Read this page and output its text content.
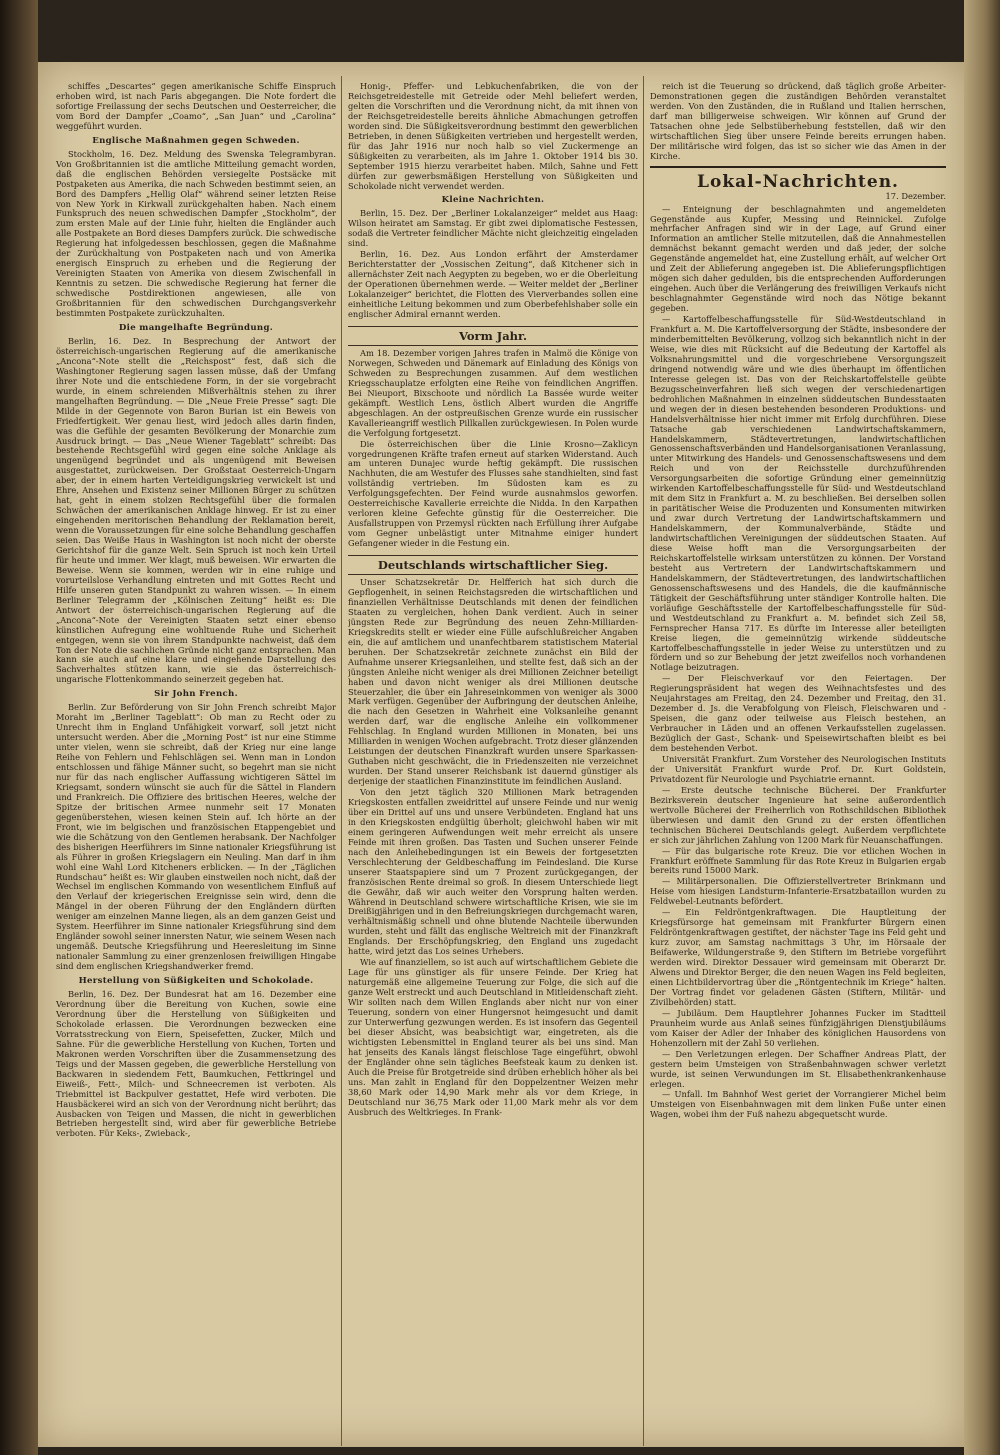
schiffes „Descartes“ gegen amerikanische Schiffe Einspruch erhoben wird, ist nach Paris abgegangen. Die Note fordert die sofortige Freilassung der sechs Deutschen und Oesterreicher, die vom Bord der Dampfer „Coamo“, „San Juan“ und „Carolina“ weggeführt wurden.

Englische Maßnahmen gegen Schweden.

Stockholm, 16. Dez. Meldung des Swenska Telegrambyran. Von Großbritannien ist die amtliche Mitteilung gemacht worden, daß die englischen Behörden versiegelte Postsäcke mit Postpaketen aus Amerika, die nach Schweden bestimmt seien, an Bord des Dampfers „Hellig Olaf“ während seiner letzten Reise von New York in Kirkwall zurückgehalten haben. Nach einem Funkspruch des neuen schwedischen Dampfer „Stockholm“, der zum ersten Male auf der Linie fuhr, hielten die Engländer auch alle Postpakete an Bord dieses Dampfers zurück. Die schwedische Regierung hat infolgedessen beschlossen, gegen die Maßnahme der Zurückhaltung von Postpaketen nach und von Amerika energisch Einspruch zu erheben und die Regierung der Vereinigten Staaten von Amerika von diesem Zwischenfall in Kenntnis zu setzen. Die schwedische Regierung hat ferner die schwedische Postdirektionen angewiesen, alle von Großbritannien für den schwedischen Durchgangsverkehr bestimmten Postpakete zurückzuhalten.

Die mangelhafte Begründung.

Berlin, 16. Dez. In Besprechung der Antwort der österreichisch-ungarischen Regierung auf die amerikanische „Ancona“-Note stellt die „Reichspost“ fest, daß sich die Washingtoner Regierung sagen lassen müsse, daß der Umfang ihrer Note und die entschiedene Form, in der sie vorgebracht wurde, in einem schreienden Mißverhältnis stehen zu ihrer mangelhaften Begründung. — Die „Neue Freie Presse“ sagt: Die Milde in der Gegennote von Baron Burian ist ein Beweis von Friedfertigkeit. Wer genau liest, wird jedoch alles darin finden, was die Gefühle der gesamten Bevölkerung der Monarchie zum Ausdruck bringt. — Das „Neue Wiener Tageblatt“ schreibt: Das bestehende Rechtsgefühl wird gegen eine solche Anklage als ungenügend begründet und als ungenügend mit Beweisen ausgestattet, zurückweisen. Der Großstaat Oesterreich-Ungarn aber, der in einem harten Verteidigungskrieg verwickelt ist und Ehre, Ansehen und Existenz seiner Millionen Bürger zu schützen hat, geht in einem stolzen Rechtsgefühl über die formalen Schwächen der amerikanischen Anklage hinweg. Er ist zu einer eingehenden meritorischen Behandlung der Reklamation bereit, wenn die Voraussetzungen für eine solche Behandlung geschaffen seien. Das Weiße Haus in Washington ist noch nicht der oberste Gerichtshof für die ganze Welt. Sein Spruch ist noch kein Urteil für heute und immer. Wer klagt, muß beweisen. Wir erwarten die Beweise. Wenn sie kommen, werden wir in eine ruhige und vorurteilslose Verhandlung eintreten und mit Gottes Recht und Hilfe unseren guten Standpunkt zu wahren wissen. — In einem Berliner Telegramm der „Kölnischen Zeitung“ heißt es: Die Antwort der österreichisch-ungarischen Regierung auf die „Ancona“-Note der Vereinigten Staaten setzt einer ebenso künstlichen Aufregung eine wohltuende Ruhe und Sicherheit entgegen, wenn sie von ihrem Standpunkte nachweist, daß dem Ton der Note die sachlichen Gründe nicht ganz entsprachen. Man kann sie auch auf eine klare und eingehende Darstellung des Sachverhaltes stützen kann, wie sie das österreichisch-ungarische Flottenkommando seinerzeit gegeben hat.

Sir John French.

Berlin. Zur Beförderung von Sir John French schreibt Major Moraht im „Berliner Tageblatt“: Ob man zu Recht oder zu Unrecht ihm in England Unfähigkeit vorwarf, soll jetzt nicht untersucht werden. Aber die „Morning Post“ ist nur eine Stimme unter vielen, wenn sie schreibt, daß der Krieg nur eine lange Reihe von Fehlern und Fehlschlägen sei. Wenn man in London entschlossen und fähige Männer sucht, so begehrt man sie nicht nur für das nach englischer Auffassung wichtigeren Sättel im Kriegsamt, sondern wünscht sie auch für die Sättel in Flandern und Frankreich. Die Offiziere des britischen Heeres, welche der Spitze der britischen Armee nunmehr seit 17 Monaten gegenüberstehen, wiesen keinen Stein auf. Ich hörte an der Front, wie im belgischen und französischen Etappengebiet und wie die Schätzung von den Gentlemen herabsank. Der Nachfolger des bisherigen Heerführers im Sinne nationaler Kriegsführung ist als Führer in großen Kriegslagern ein Neuling. Man darf in ihm wohl eine Wahl Lord Kitcheners erblicken. — In der „Täglichen Rundschau“ heißt es: Wir glauben einstweilen noch nicht, daß der Wechsel im englischen Kommando von wesentlichem Einfluß auf den Verlauf der kriegerischen Ereignisse sein wird, denn die Mängel in der oberen Führung der den Engländern dürften weniger am einzelnen Manne liegen, als an dem ganzen Geist und System. Heerführer im Sinne nationaler Kriegsführung sind dem Engländer sowohl seiner innersten Natur, wie seinem Wesen nach ungemäß. Deutsche Kriegsführung und Heeresleitung im Sinne nationaler Sammlung zu einer grenzenlosen freiwilligen Hingabe sind dem englischen Kriegshandwerker fremd.

Herstellung von Süßigkeiten und Schokolade.

Berlin, 16. Dez. Der Bundesrat hat am 16. Dezember eine Verordnung über die Bereitung von Kuchen, sowie eine Verordnung über die Herstellung von Süßigkeiten und Schokolade erlassen. Die Verordnungen bezwecken eine Vorratsstreckung von Eiern, Speisefetten, Zucker, Milch und Sahne. Für die gewerbliche Herstellung von Kuchen, Torten und Makronen werden Vorschriften über die Zusammensetzung des Teigs und der Massen gegeben, die gewerbliche Herstellung von Backwaren in siedendem Fett, Baumkuchen, Fettkringel und Eiweiß-, Fett-, Milch- und Schneecremen ist verboten. Als Triebmittel ist Backpulver gestattet, Hefe wird verboten. Die Hausbäckerei wird an sich von der Verordnung nicht berührt; das Ausbacken von Teigen und Massen, die nicht in gewerblichen Betrieben hergestellt sind, wird aber für gewerbliche Betriebe verboten. Für Keks-, Zwieback-,

Honig-, Pfeffer- und Lebkuchenfabriken, die von der Reichsgetreidestelle mit Getreide oder Mehl beliefert werden, gelten die Vorschriften und die Verordnung nicht, da mit ihnen von der Reichsgetreidestelle bereits ähnliche Abmachungen getroffen worden sind. Die Süßigkeitsverordnung bestimmt den gewerblichen Betrieben, in denen Süßigkeiten vertrieben und hergestellt werden, für das Jahr 1916 nur noch halb so viel Zuckermenge an Süßigkeiten zu verarbeiten, als im Jahre 1. Oktober 1914 bis 30. September 1915 hierzu verarbeitet haben. Milch, Sahne und Fett dürfen zur gewerbsmäßigen Herstellung von Süßigkeiten und Schokolade nicht verwendet werden.

Kleine Nachrichten.

Berlin, 15. Dez. Der „Berliner Lokalanzeiger“ meldet aus Haag: Wilson heiratet am Samstag. Er gibt zwei diplomatische Festessen, sodaß die Vertreter feindlicher Mächte nicht gleichzeitig eingeladen sind.

Berlin, 16. Dez. Aus London erfährt der Amsterdamer Berichterstatter der „Vossischen Zeitung“, daß Kitchener sich in allernächster Zeit nach Aegypten zu begeben, wo er die Oberleitung der Operationen übernehmen werde. — Weiter meldet der „Berliner Lokalanzeiger“ berichtet, die Flotten des Vierverbandes sollen eine einheitliche Leitung bekommen und zum Oberbefehlshaber solle ein englischer Admiral ernannt werden.

Vorm Jahr.

Am 18. Dezember vorigen Jahres trafen in Malmö die Könige von Norwegen, Schweden und Dänemark auf Einladung des Königs von Schweden zu Besprechungen zusammen. Auf dem westlichen Kriegsschauplatze erfolgten eine Reihe von feindlichen Angriffen. Bei Nieuport, Bixschoote und nördlich La Bassée wurde weiter gekämpft. Westlich Lens, östlich Albert wurden die Angriffe abgeschlagen. An der ostpreußischen Grenze wurde ein russischer Kavallerieangriff westlich Pillkallen zurückgewiesen. In Polen wurde die Verfolgung fortgesetzt.

Die österreichischen über die Linie Krosno—Zaklicyn vorgedrungenen Kräfte trafen erneut auf starken Widerstand. Auch am unteren Dunajec wurde heftig gekämpft. Die russischen Nachhuten, die am Westufer des Flusses sahe standhielten, sind fast vollständig vertrieben. Im Südosten kam es zu Verfolgungsgefechten. Der Feind wurde ausnahmslos geworfen. Oesterreichische Kavallerie erreichte die Nidda. In den Karpathen verloren kleine Gefechte günstig für die Oesterreicher. Die Ausfallstruppen von Przemysl rückten nach Erfüllung ihrer Aufgabe vom Gegner unbelästigt unter Mitnahme einiger hundert Gefangener wieder in die Festung ein.

Deutschlands wirtschaftlicher Sieg.

Unser Schatzsekretär Dr. Helfferich hat sich durch die Gepflogenheit, in seinen Reichstagsreden die wirtschaftlichen und finanziellen Verhältnisse Deutschlands mit denen der feindlichen Staaten zu vergleichen, hohen Dank verdient. Auch in seiner jüngsten Rede zur Begründung des neuen Zehn-Milliarden-Kriegskredits stellt er wieder eine Fülle aufschlußreicher Angaben ein, die auf amtlichem und unanfechtbarem statistischem Material beruhen. Der Schatzsekretär zeichnete zunächst ein Bild der Aufnahme unserer Kriegsanleihen, und stellte fest, daß sich an der jüngsten Anleihe nicht weniger als drei Millionen Zeichner beteiligt haben und davon nicht weniger als drei Millionen deutsche Steuerzahler, die über ein Jahreseinkommen von weniger als 3000 Mark verfügen. Gegenüber der Aufbringung der deutschen Anleihe, die nach den Gesetzen in Wahrheit eine Volksanleihe genannt werden darf, war die englische Anleihe ein vollkommener Fehlschlag. In England wurden Millionen in Monaten, bei uns Milliarden in wenigen Wochen aufgebracht. Trotz dieser glänzenden Leistungen der deutschen Finanzkraft wurden unsere Sparkassen-Guthaben nicht geschwächt, die in Friedenszeiten nie verzeichnet wurden. Der Stand unserer Reichsbank ist dauernd günstiger als derjenige der staatlichen Finanzinstitute im feindlichen Ausland.

Von den jetzt täglich 320 Millionen Mark betragenden Kriegskosten entfallen zweidrittel auf unsere Feinde und nur wenig über ein Drittel auf uns und unsere Verbündeten. England hat uns in den Kriegskosten endgültig überholt; gleichwohl haben wir mit einem geringeren Aufwendungen weit mehr erreicht als unsere Feinde mit ihren großen. Das Tasten und Suchen unserer Feinde nach den Anleihebedingungen ist ein Beweis der fortgesetzten Verschlechterung der Geldbeschaffung im Feindesland. Die Kurse unserer Staatspapiere sind um 7 Prozent zurückgegangen, der französischen Rente dreimal so groß. In diesem Unterschiede liegt die Gewähr, daß wir auch weiter den Vorsprung halten werden. Während in Deutschland schwere wirtschaftliche Krisen, wie sie im Dreißigjährigen und in den Befreiungskriegen durchgemacht waren, verhältnismäßig schnell und ohne blutende Nachteile überwunden wurden, steht und fällt das englische Weltreich mit der Finanzkraft Englands. Der Erschöpfungskrieg, den England uns zugedacht hatte, wird jetzt das Los seines Urhebers.

Wie auf finanziellem, so ist auch auf wirtschaftlichem Gebiete die Lage für uns günstiger als für unsere Feinde. Der Krieg hat naturgemäß eine allgemeine Teuerung zur Folge, die sich auf die ganze Welt erstreckt und auch Deutschland in Mitleidenschaft zieht. Wir sollten nach dem Willen Englands aber nicht nur von einer Teuerung, sondern von einer Hungersnot heimgesucht und damit zur Unterwerfung gezwungen werden. Es ist insofern das Gegenteil bei dieser Absicht, was beabsichtigt war, eingetreten, als die wichtigsten Lebensmittel in England teurer als bei uns sind. Man hat jenseits des Kanals längst fleischlose Tage eingeführt, obwohl der Engländer ohne sein tägliches Beefsteak kaum zu denken ist. Auch die Preise für Brotgetreide sind drüben erheblich höher als bei uns. Man zahlt in England für den Doppelzentner Weizen mehr 38,60 Mark oder 14,90 Mark mehr als vor dem Kriege, in Deutschland nur 36,75 Mark oder 11,00 Mark mehr als vor dem Ausbruch des Weltkrieges. In Frank-

reich ist die Teuerung so drückend, daß täglich große Arbeiter-Demonstrationen gegen die zuständigen Behörden veranstaltet werden. Von den Zuständen, die in Rußland und Italien herrschen, darf man billigerweise schweigen. Wir können auf Grund der Tatsachen ohne jede Selbstüberhebung feststellen, daß wir den wirtschaftlichen Sieg über unsere Feinde bereits errungen haben. Der militärische wird folgen, das ist so sicher wie das Amen in der Kirche.

Lokal-Nachrichten.
17. Dezember.

— Enteignung der beschlagnahmten und angemeldeten Gegenstände aus Kupfer, Messing und Reinnickel. Zufolge mehrfacher Anfragen sind wir in der Lage, auf Grund einer Information an amtlicher Stelle mitzuteilen, daß die Annahmestellen demnächst bekannt gemacht werden und daß jeder, der solche Gegenstände angemeldet hat, eine Zustellung erhält, auf welcher Ort und Zeit der Ablieferung angegeben ist. Die Ablieferungspflichtigen mögen sich daher gedulden, bis die entsprechenden Aufforderungen eingehen. Auch über die Verlängerung des freiwilligen Verkaufs nicht beschlagnahmter Gegenstände wird noch das Nötige bekannt gegeben.

— Kartoffelbeschaffungsstelle für Süd-Westdeutschland in Frankfurt a. M. Die Kartoffelversorgung der Städte, insbesondere der minderbemittelten Bevölkerung, vollzog sich bekanntlich nicht in der Weise, wie dies mit Rücksicht auf die Bedeutung der Kartoffel als Volksnahrungsmittel und die vorgeschriebene Versorgungszeit dringend notwendig wäre und wie dies überhaupt im öffentlichen Interesse gelegen ist. Das von der Reichskartoffelstelle geübte Bezugsscheinverfahren ließ sich wegen der verschiedenartigen bedrohlichen Maßnahmen in einzelnen süddeutschen Bundesstaaten und wegen der in diesen bestehenden besonderen Produktions- und Handelsverhältnisse hier nicht immer mit Erfolg durchführen. Diese Tatsache gab verschiedenen Landwirtschaftskammern, Handelskammern, Städtevertretungen, landwirtschaftlichen Genossenschaftsverbänden und Handelsorganisationen Veranlassung, unter Mitwirkung des Handels- und Genossenschaftswesens und dem Reich und von der Reichsstelle durchzuführenden Versorgungsarbeiten die sofortige Gründung einer gemeinnützig wirkenden Kartoffelbeschaffungsstelle für Süd- und Westdeutschland mit dem Sitz in Frankfurt a. M. zu beschließen. Bei derselben sollen in paritätischer Weise die Produzenten und Konsumenten mitwirken und zwar durch Vertretung der Landwirtschaftskammern und Handelskammern, der Kommunalverbände, Städte und landwirtschaftlichen Vereinigungen der süddeutschen Staaten. Auf diese Weise hofft man die Versorgungsarbeiten der Reichskartoffelstelle wirksam unterstützen zu können. Der Vorstand besteht aus Vertretern der Landwirtschaftskammern und Handelskammern, der Städtevertretungen, des landwirtschaftlichen Genossenschaftswesens und des Handels, die die kaufmännische Tätigkeit der Geschäftsführung unter ständiger Kontrolle halten. Die vorläufige Geschäftsstelle der Kartoffelbeschaffungsstelle für Süd- und Westdeutschland zu Frankfurt a. M. befindet sich Zeil 58, Fernsprecher Hansa 717. Es dürfte im Interesse aller beteiligten Kreise liegen, die gemeinnützig wirkende süddeutsche Kartoffelbeschaffungsstelle in jeder Weise zu unterstützen und zu fördern und so zur Behebung der jetzt zweifellos noch vorhandenen Notlage beizutragen.

— Der Fleischverkauf vor den Feiertagen. Der Regierungspräsident hat wegen des Weihnachtsfestes und des Neujahrstages am Freitag, den 24. Dezember und Freitag, den 31. Dezember d. Js. die Verabfolgung von Fleisch, Fleischwaren und -Speisen, die ganz oder teilweise aus Fleisch bestehen, an Verbraucher in Läden und an offenen Verkaufsstellen zugelassen. Bezüglich der Gast-, Schank- und Speisewirtschaften bleibt es bei dem bestehenden Verbot.

Universität Frankfurt. Zum Vorsteher des Neurologischen Instituts der Universität Frankfurt wurde Prof. Dr. Kurt Goldstein, Privatdozent für Neurologie und Psychiatrie ernannt.

— Erste deutsche technische Bücherei. Der Frankfurter Bezirksverein deutscher Ingenieure hat seine außerordentlich wertvolle Bücherei der Freiherrlich von Rothschildschen Bibliothek überwiesen und damit den Grund zu der ersten öffentlichen technischen Bücherei Deutschlands gelegt. Außerdem verpflichtete er sich zur jährlichen Zahlung von 1200 Mark für Neuanschaffungen.

— Für das bulgarische rote Kreuz. Die vor etlichen Wochen in Frankfurt eröffnete Sammlung für das Rote Kreuz in Bulgarien ergab bereits rund 15000 Mark.

— Militärpersonalien. Die Offizierstellvertreter Brinkmann und Heise vom hiesigen Landsturm-Infanterie-Ersatzbataillon wurden zu Feldwebel-Leutnants befördert.

— Ein Feldröntgenkraftwagen. Die Hauptleitung der Kriegsfürsorge hat gemeinsam mit Frankfurter Bürgern einen Feldröntgenkraftwagen gestiftet, der nächster Tage ins Feld geht und kurz zuvor, am Samstag nachmittags 3 Uhr, im Hörsaale der Beifawerke, Wildungerstraße 9, den Stiftern im Betriebe vorgeführt werden wird. Direktor Dessauer wird gemeinsam mit Oberarzt Dr. Alwens und Direktor Berger, die den neuen Wagen ins Feld begleiten, einen Lichtbildervortrag über die „Röntgentechnik im Kriege“ halten. Der Vortrag findet vor geladenen Gästen (Stiftern, Militär- und Zivilbehörden) statt.

— Jubiläum. Dem Hauptlehrer Johannes Fucker im Stadtteil Praunheim wurde aus Anlaß seines fünfzigjährigen Dienstjubiläums vom Kaiser der Adler der Inhaber des königlichen Hausordens von Hohenzollern mit der Zahl 50 verliehen.

— Den Verletzungen erlegen. Der Schaffner Andreas Platt, der gestern beim Umsteigen von Straßenbahnwagen schwer verletzt wurde, ist seinen Verwundungen im St. Elisabethenkrankenhause erlegen.

— Unfall. Im Bahnhof West geriet der Vorrangierer Michel beim Umsteigen von Eisenbahnwagen mit dem linken Fuße unter einen Wagen, wobei ihm der Fuß nahezu abgequetscht wurde.
